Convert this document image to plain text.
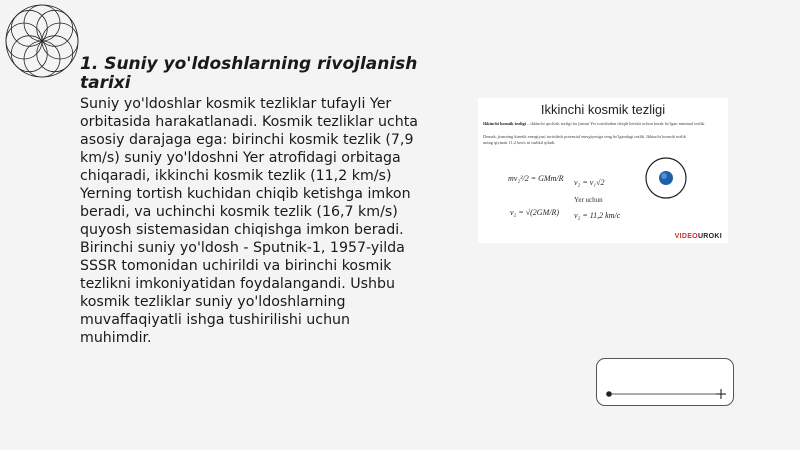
1. Suniy yo'ldoshlarning rivojlanish tarixi

Suniy yo'ldoshlar kosmik tezliklar tufayli Yer orbitasida harakatlanadi. Kosmik tezliklar uchta asosiy darajaga ega: birinchi kosmik tezlik (7,9 km/s) suniy yo'ldoshni Yer atrofidagi orbitaga chiqaradi, ikkinchi kosmik tezlik (11,2 km/s) Yerning tortish kuchidan chiqib ketishga imkon beradi, va uchinchi kosmik tezlik (16,7 km/s) quyosh sistemasidan chiqishga imkon beradi. Birinchi suniy yo'ldosh - Sputnik-1, 1957-yilda SSSR tomonidan uchirildi va birinchi kosmik tezlikni imkoniyatidan foydalangandi. Ushbu kosmik tezliklar suniy yo'ldoshlarning muvaffaqiyatli ishga tushirilishi uchun muhimdir.

Ikkinchi kosmik tezligi
Ikkinchi kosmik tezligi – ikkinchi qochish tezligi bu jismni Yer tortishidan chiqib ketishi uchun kerak bo'lgan minimal tezlik.
Demak, jismning kinetik energiyasi tortishish potensial energiyasiga teng bo'lgandagi tezlik. Ikkinchi kosmik tezlik
uning qiymati 11,2 km/s ni tashkil qiladi.
mv₂²/2 = GMm/R v₂ = v₁√2
v₂ = √(2GM/R)
Yer uchun
v₂ = 11,2 km/c
VIDEOUROKI
